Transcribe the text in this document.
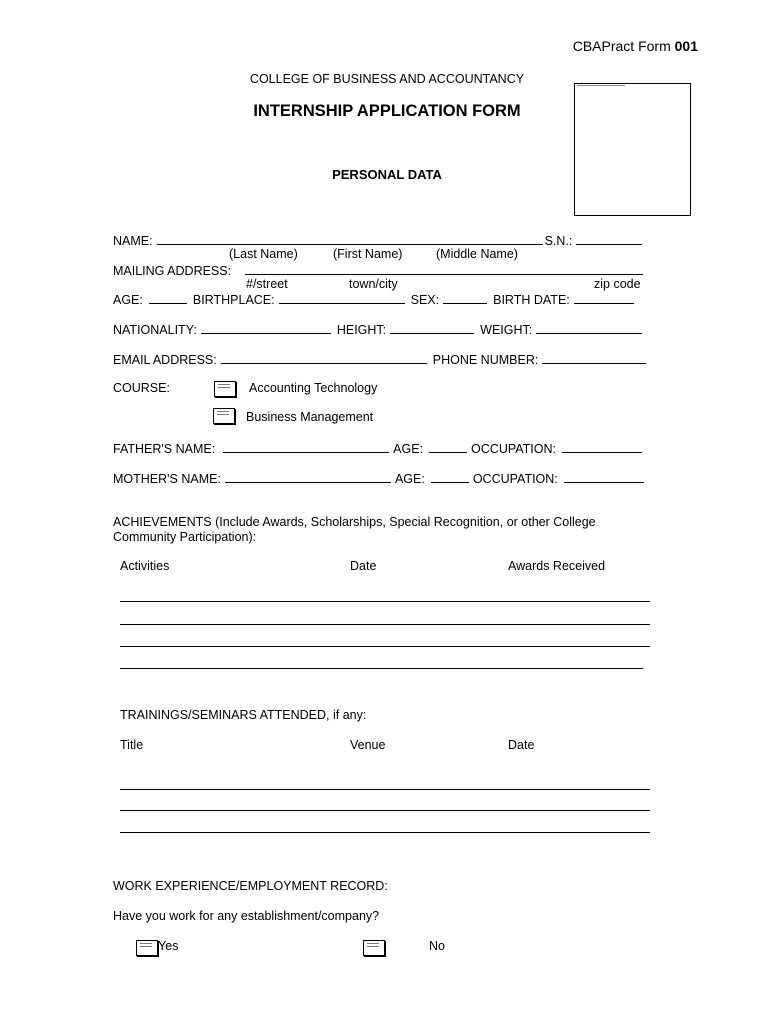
CBAPract Form 001
COLLEGE OF BUSINESS AND ACCOUNTANCY
INTERNSHIP APPLICATION FORM
PERSONAL DATA
NAME:	S.N.:
(Last Name)	(First Name)	(Middle Name)
MAILING ADDRESS:
#/street	town/city	zip code
AGE:	BIRTHPLACE:	SEX:	BIRTH DATE:
NATIONALITY:	HEIGHT:	WEIGHT:
EMAIL ADDRESS:	PHONE NUMBER:
COURSE:	Accounting Technology
Business Management
FATHER'S NAME:	AGE:	OCCUPATION:
MOTHER'S NAME:	AGE:	OCCUPATION:
ACHIEVEMENTS (Include Awards, Scholarships, Special Recognition, or other College
Community Participation):
Activities	Date	Awards Received
TRAININGS/SEMINARS ATTENDED, if any:
Title	Venue	Date
WORK EXPERIENCE/EMPLOYMENT RECORD:
Have you work for any establishment/company?
Yes	No
